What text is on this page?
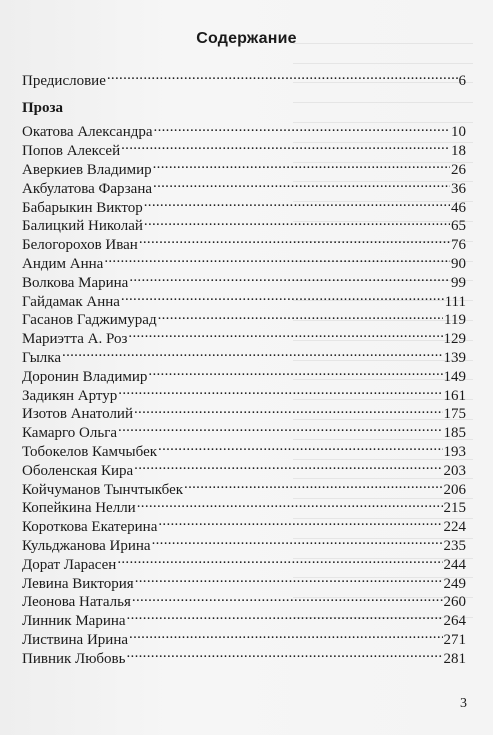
Содержание
Предисловие .....	6
Проза
Окатова Александра .....	10
Попов Алексей .....	18
Аверкиев Владимир .....	26
Акбулатова Фарзана .....	36
Бабарыкин Виктор .....	46
Балицкий Николай .....	65
Белогорохов Иван .....	76
Андим Анна .....	90
Волкова Марина .....	99
Гайдамак Анна .....	111
Гасанов Гаджимурад .....	119
Мариэтта А. Роз .....	129
Гылка .....	139
Доронин Владимир .....	149
Задикян Артур .....	161
Изотов Анатолий .....	175
Камарго Ольга .....	185
Тобокелов Камчыбек .....	193
Оболенская Кира .....	203
Койчуманов Тынчтыкбек .....	206
Копейкина Нелли .....	215
Короткова Екатерина .....	224
Кульджанова Ирина .....	235
Дорат Ларасен .....	244
Левина Виктория .....	249
Леонова Наталья .....	260
Линник Марина .....	264
Листвина Ирина .....	271
Пивник Любовь .....	281
3
